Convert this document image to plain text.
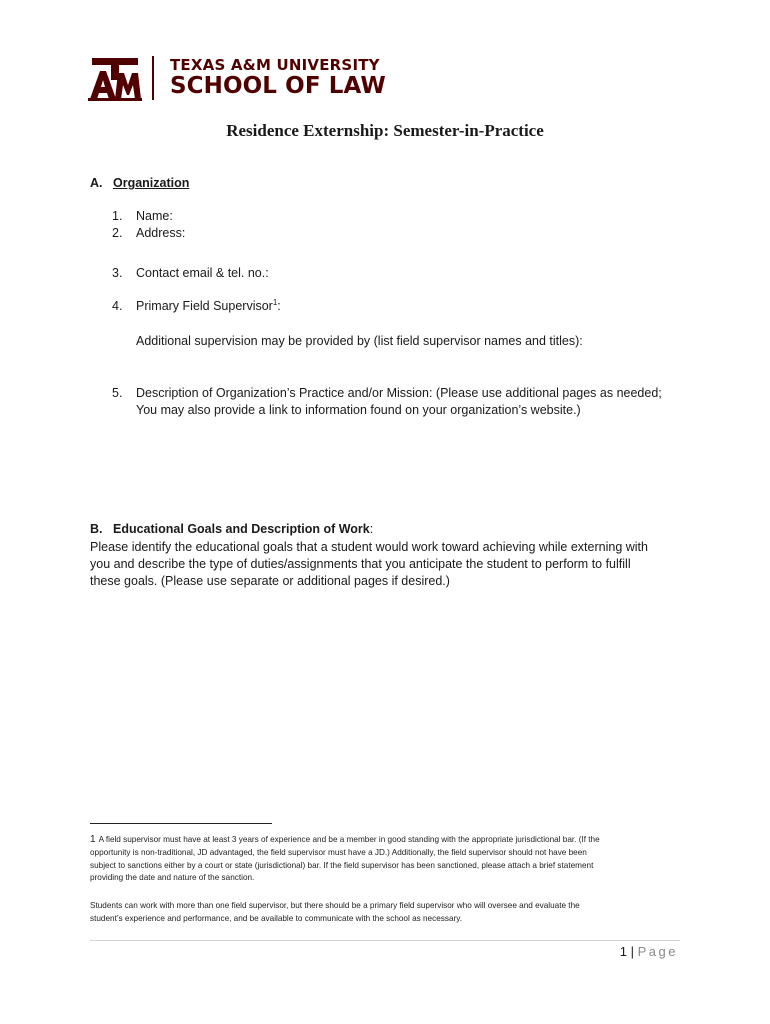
TEXAS A&M UNIVERSITY
SCHOOL OF LAW
Residence Externship: Semester-in-Practice
A. Organization
1. Name:
2. Address:
3. Contact email & tel. no.:
4. Primary Field Supervisor$^1$:
Additional supervision may be provided by (list field supervisor names and titles):
5. Description of Organization’s Practice and/or Mission: (Please use additional pages as needed;
You may also provide a link to information found on your organization’s website.)
B. Educational Goals and Description of Work:
Please identify the educational goals that a student would work toward achieving while externing with
you and describe the type of duties/assignments that you anticipate the student to perform to fulfill
these goals. (Please use separate or additional pages if desired.)
1 A field supervisor must have at least 3 years of experience and be a member in good standing with the appropriate jurisdictional bar. (If the
opportunity is non-traditional, JD advantaged, the field supervisor must have a JD.) Additionally, the field supervisor should not have been
subject to sanctions either by a court or state (jurisdictional) bar. If the field supervisor has been sanctioned, please attach a brief statement
providing the date and nature of the sanction.
Students can work with more than one field supervisor, but there should be a primary field supervisor who will oversee and evaluate the
student’s experience and performance, and be available to communicate with the school as necessary.
1 | Page
